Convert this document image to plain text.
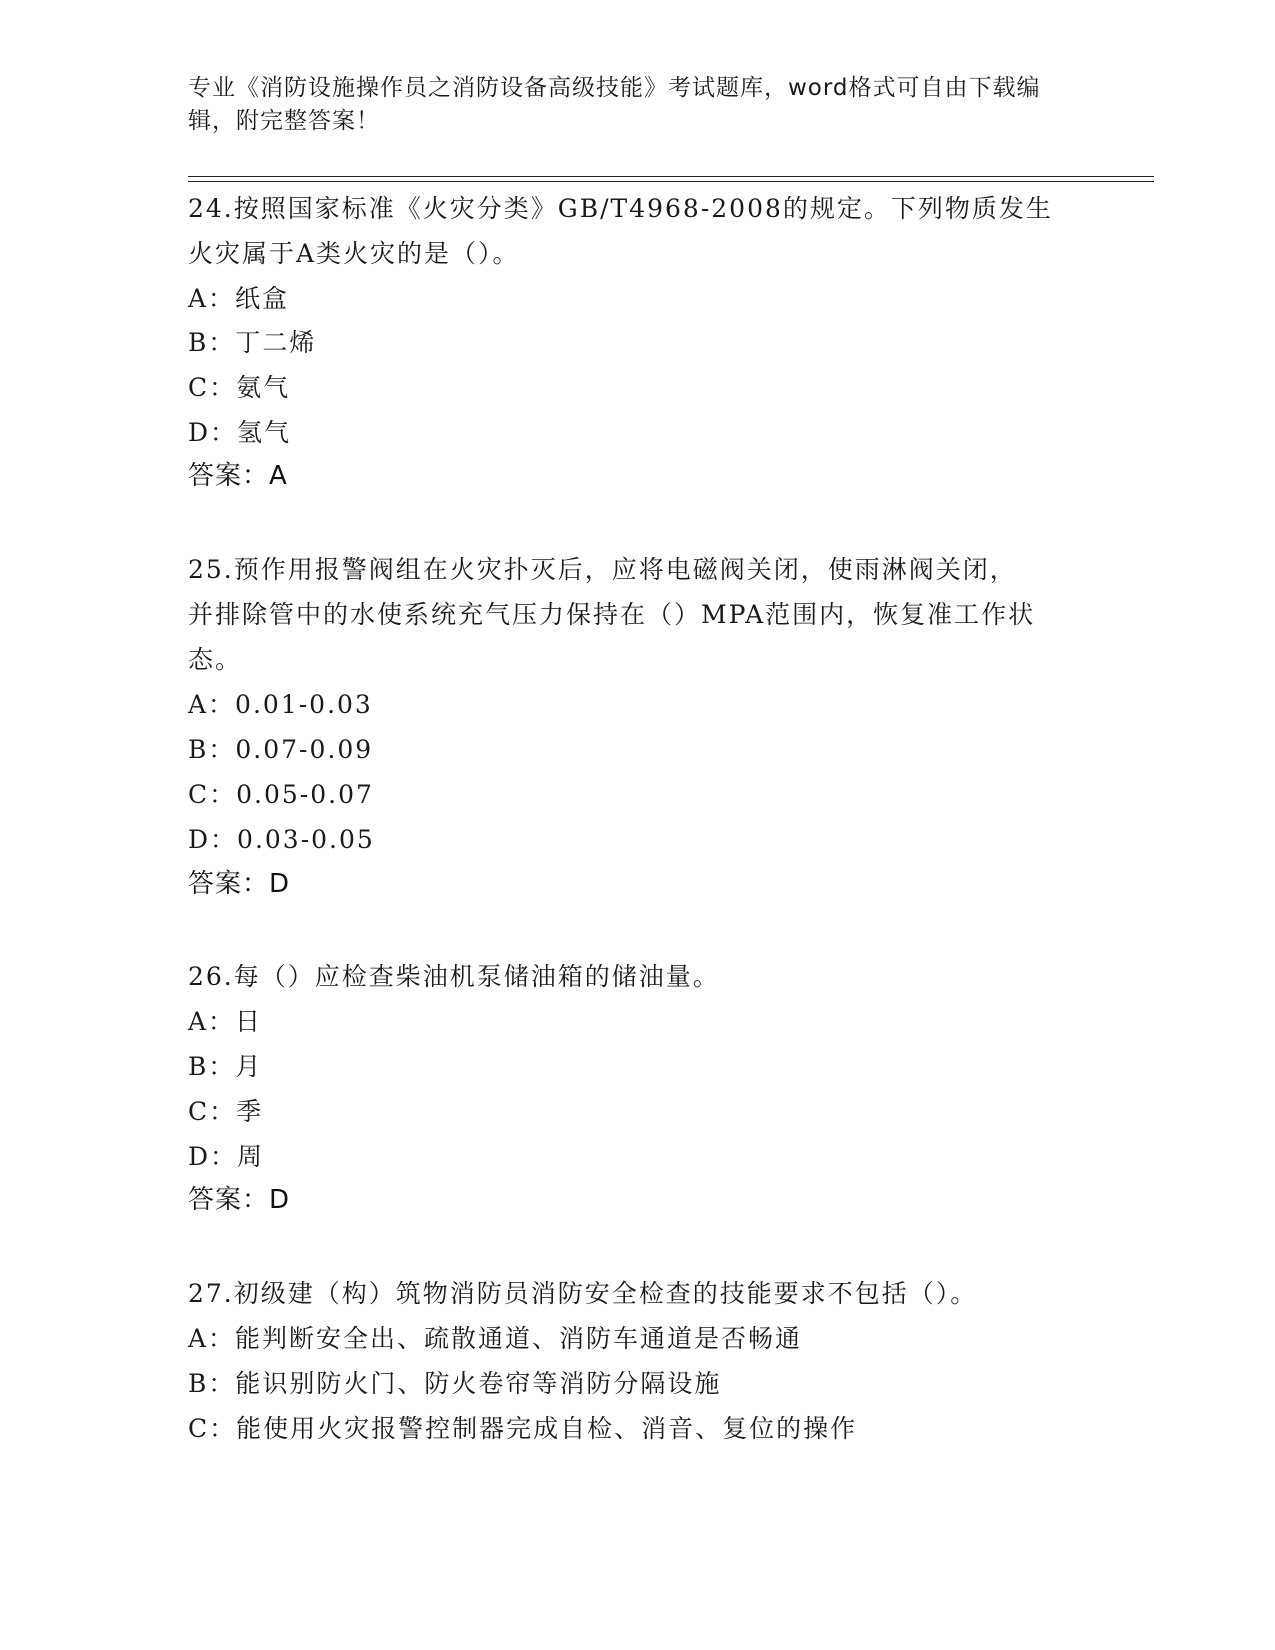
专业《消防设施操作员之消防设备高级技能》考试题库，word格式可自由下载编
辑，附完整答案！
24.按照国家标准《火灾分类》GB/T4968-2008的规定。下列物质发生
火灾属于A类火灾的是（）。
A：纸盒
B：丁二烯
C：氨气
D：氢气
答案：A
25.预作用报警阀组在火灾扑灭后，应将电磁阀关闭，使雨淋阀关闭，
并排除管中的水使系统充气压力保持在（）MPA范围内，恢复准工作状
态。
A：0.01-0.03
B：0.07-0.09
C：0.05-0.07
D：0.03-0.05
答案：D
26.每（）应检查柴油机泵储油箱的储油量。
A：日
B：月
C：季
D：周
答案：D
27.初级建（构）筑物消防员消防安全检查的技能要求不包括（）。
A：能判断安全出、疏散通道、消防车通道是否畅通
B：能识别防火门、防火卷帘等消防分隔设施
C：能使用火灾报警控制器完成自检、消音、复位的操作
